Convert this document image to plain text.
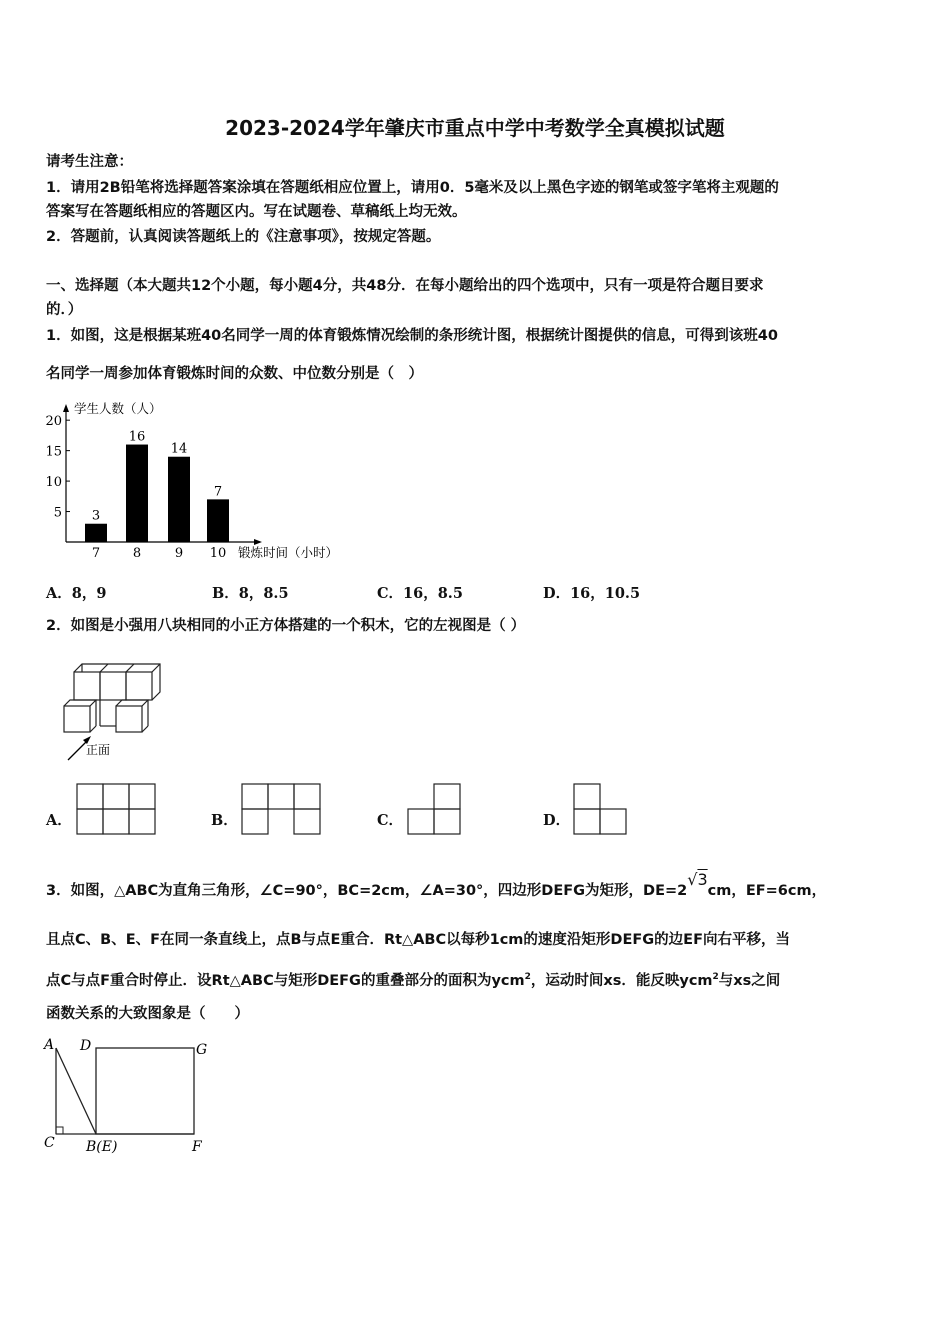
2023-2024学年肇庆市重点中学中考数学全真模拟试题
请考生注意：
1．请用2B铅笔将选择题答案涂填在答题纸相应位置上，请用0．5毫米及以上黑色字迹的钢笔或签字笔将主观题的
答案写在答题纸相应的答题区内。写在试题卷、草稿纸上均无效。
2．答题前，认真阅读答题纸上的《注意事项》，按规定答题。
一、选择题（本大题共12个小题，每小题4分，共48分．在每小题给出的四个选项中，只有一项是符合题目要求
的．）
1．如图，这是根据某班40名同学一周的体育锻炼情况绘制的条形统计图，根据统计图提供的信息，可得到该班40
名同学一周参加体育锻炼时间的众数、中位数分别是（　）
学生人数（人）
锻炼时间（小时）
5
10
15
20
3
7
16
8
14
9
7
10
A．8，9	B．8，8.5	C．16，8.5	D．16，10.5
2．如图是小强用八块相同的小正方体搭建的一个积木，它的左视图是（ ）
正面
A．	B．	C．	D．
3．如图，△ABC为直角三角形，∠C=90°，BC=2cm，∠A=30°，四边形DEFG为矩形，DE=2√3cm，EF=6cm，
且点C、B、E、F在同一条直线上，点B与点E重合．Rt△ABC以每秒1cm的速度沿矩形DEFG的边EF向右平移，当
点C与点F重合时停止．设Rt△ABC与矩形DEFG的重叠部分的面积为ycm$^2$，运动时间xs．能反映ycm$^2$与xs之间
函数关系的大致图象是（　　）
A D	G
C B(E)	F
